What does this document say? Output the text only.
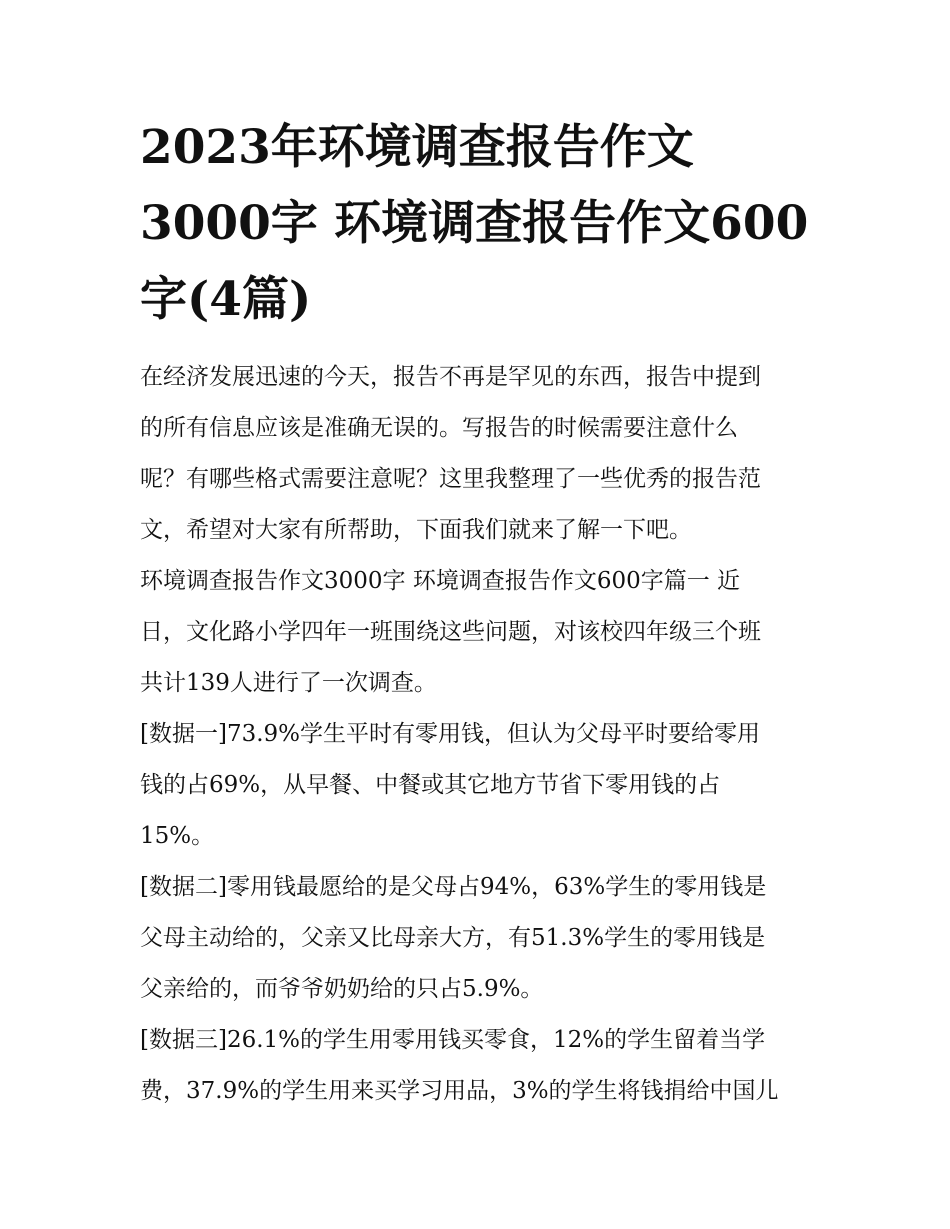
2023年环境调查报告作文
3000字 环境调查报告作文600
字(4篇)

在经济发展迅速的今天，报告不再是罕见的东西，报告中提到
的所有信息应该是准确无误的。写报告的时候需要注意什么
呢？有哪些格式需要注意呢？这里我整理了一些优秀的报告范
文，希望对大家有所帮助，下面我们就来了解一下吧。

环境调查报告作文3000字 环境调查报告作文600字篇一 近
日，文化路小学四年一班围绕这些问题，对该校四年级三个班
共计139人进行了一次调查。

[数据一]73.9%学生平时有零用钱，但认为父母平时要给零用
钱的占69%，从早餐、中餐或其它地方节省下零用钱的占
15%。

[数据二]零用钱最愿给的是父母占94%，63%学生的零用钱是
父母主动给的，父亲又比母亲大方，有51.3%学生的零用钱是
父亲给的，而爷爷奶奶给的只占5.9%。

[数据三]26.1%的学生用零用钱买零食，12%的学生留着当学
费，37.9%的学生用来买学习用品，3%的学生将钱捐给中国儿
